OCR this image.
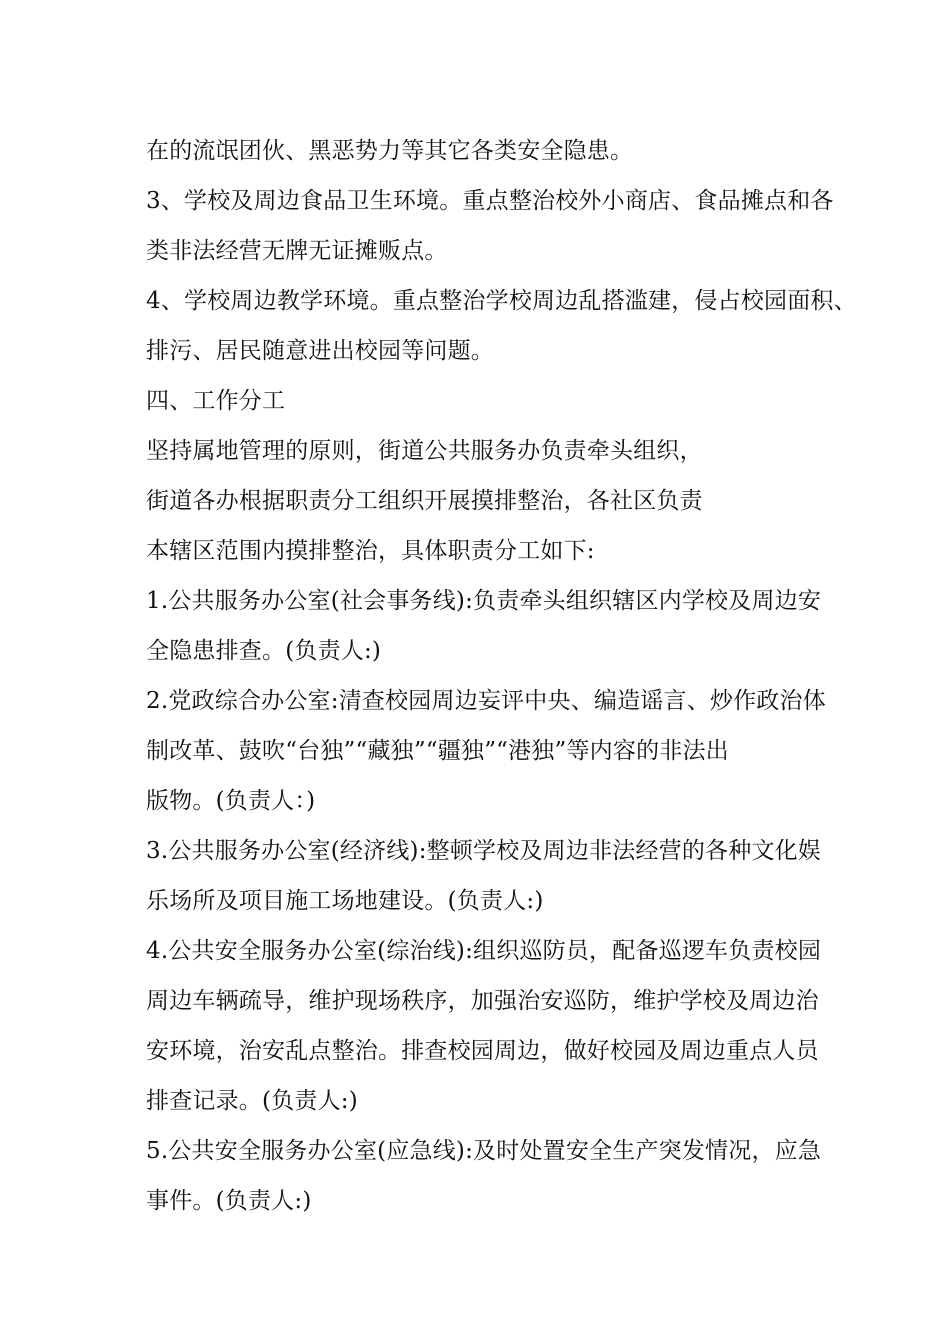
在的流氓团伙、黑恶势力等其它各类安全隐患。
3、学校及周边食品卫生环境。重点整治校外小商店、食品摊点和各
类非法经营无牌无证摊贩点。
4、学校周边教学环境。重点整治学校周边乱搭滥建，侵占校园面积、
排污、居民随意进出校园等问题。
四、工作分工
坚持属地管理的原则，街道公共服务办负责牵头组织，
街道各办根据职责分工组织开展摸排整治，各社区负责
本辖区范围内摸排整治，具体职责分工如下:
1.公共服务办公室(社会事务线):负责牵头组织辖区内学校及周边安
全隐患排查。(负责人:)
2.党政综合办公室:清查校园周边妄评中央、编造谣言、炒作政治体
制改革、鼓吹“台独”“藏独”“疆独”“港独”等内容的非法出
版物。(负责人：)
3.公共服务办公室(经济线):整顿学校及周边非法经营的各种文化娱
乐场所及项目施工场地建设。(负责人:)
4.公共安全服务办公室(综治线):组织巡防员，配备巡逻车负责校园
周边车辆疏导，维护现场秩序，加强治安巡防，维护学校及周边治
安环境，治安乱点整治。排查校园周边，做好校园及周边重点人员
排查记录。(负责人:)
5.公共安全服务办公室(应急线):及时处置安全生产突发情况，应急
事件。(负责人:)
